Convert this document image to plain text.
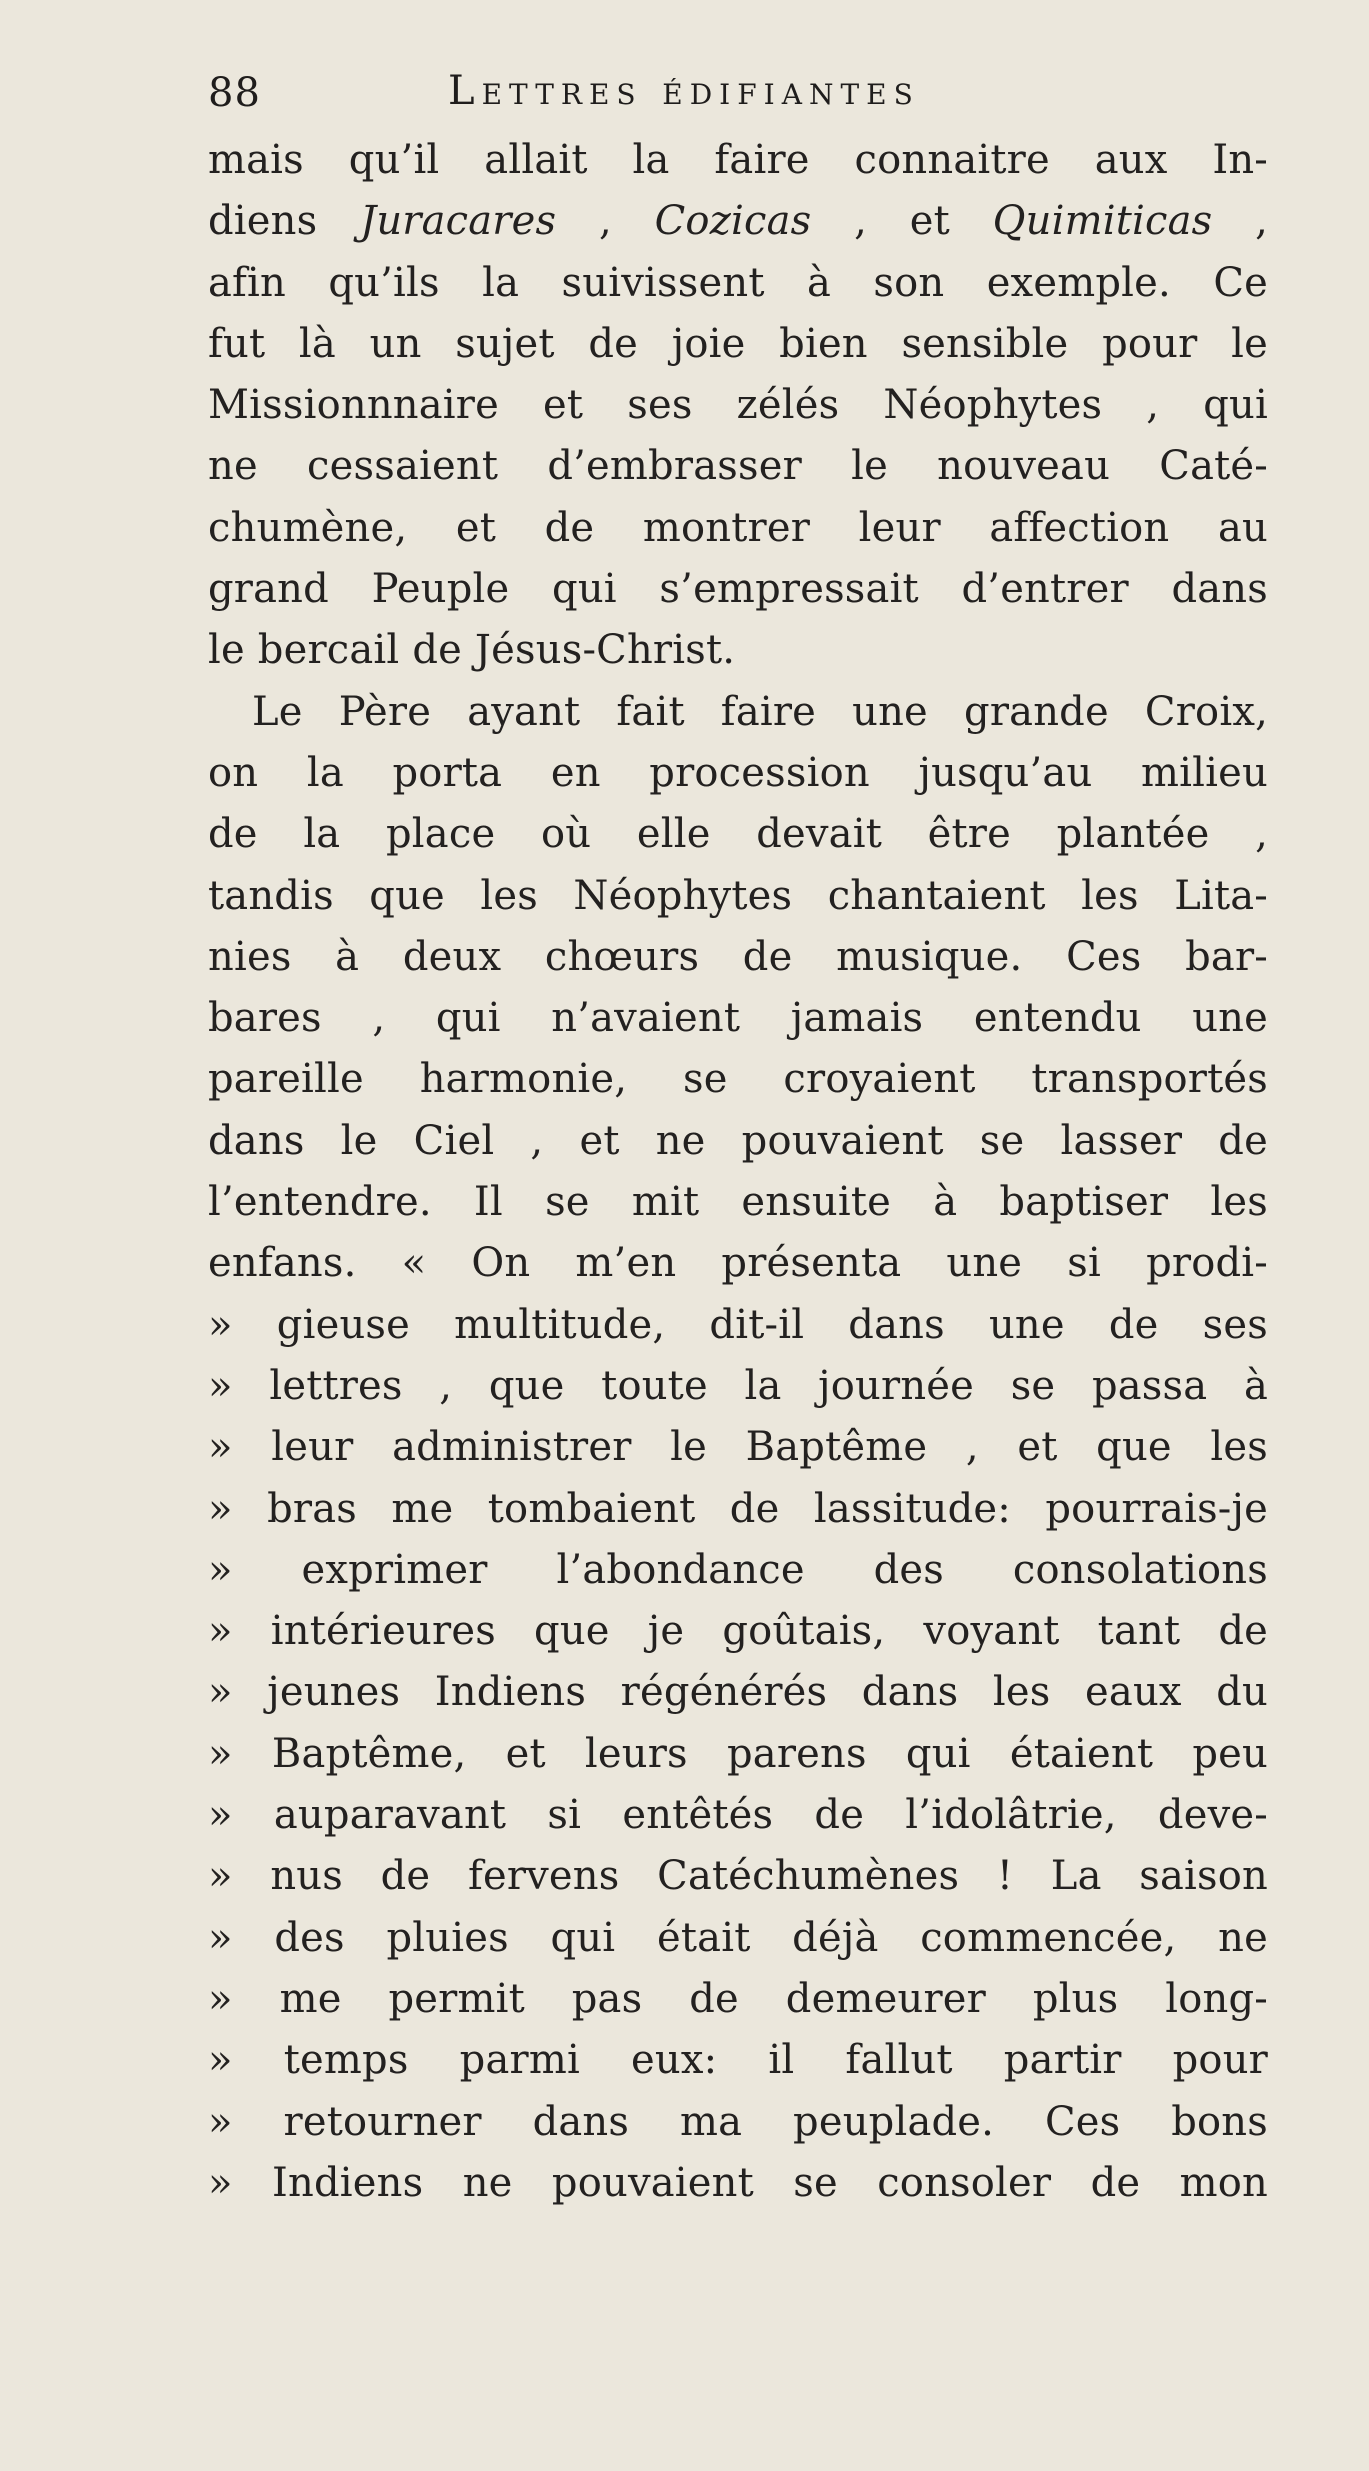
88	Lettres édifiantes
mais qu’il allait la faire connaitre aux In-
diens Juracares , Cozicas , et Quimiticas ,
afin qu’ils la suivissent à son exemple. Ce
fut là un sujet de joie bien sensible pour le
Missionnnaire et ses zélés Néophytes , qui
ne cessaient d’embrasser le nouveau Caté-
chumène, et de montrer leur affection au
grand Peuple qui s’empressait d’entrer dans
le bercail de Jésus-Christ.
Le Père ayant fait faire une grande Croix,
on la porta en procession jusqu’au milieu
de la place où elle devait être plantée ,
tandis que les Néophytes chantaient les Lita-
nies à deux chœurs de musique. Ces bar-
bares , qui n’avaient jamais entendu une
pareille harmonie, se croyaient transportés
dans le Ciel , et ne pouvaient se lasser de
l’entendre. Il se mit ensuite à baptiser les
enfans. « On m’en présenta une si prodi-
» gieuse multitude, dit-il dans une de ses
» lettres , que toute la journée se passa à
» leur administrer le Baptême , et que les
» bras me tombaient de lassitude: pourrais-je
» exprimer l’abondance des consolations
» intérieures que je goûtais, voyant tant de
» jeunes Indiens régénérés dans les eaux du
» Baptême, et leurs parens qui étaient peu
» auparavant si entêtés de l’idolâtrie, deve-
» nus de fervens Catéchumènes ! La saison
» des pluies qui était déjà commencée, ne
» me permit pas de demeurer plus long-
» temps parmi eux: il fallut partir pour
» retourner dans ma peuplade. Ces bons
» Indiens ne pouvaient se consoler de mon
